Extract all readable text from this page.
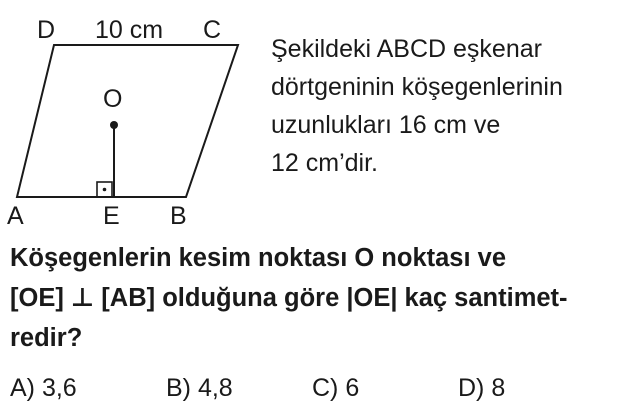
D 10 cm C
O
A	E B
Şekildeki ABCD eşkenar
dörtgeninin köşegenlerinin
uzunlukları 16 cm ve
12 cm’dir.
Köşegenlerin kesim noktası O noktası ve
[OE] ⊥ [AB] olduğuna göre |OE| kaç santimet-
redir?
A) 3,6	B) 4,8	C) 6	D) 8
